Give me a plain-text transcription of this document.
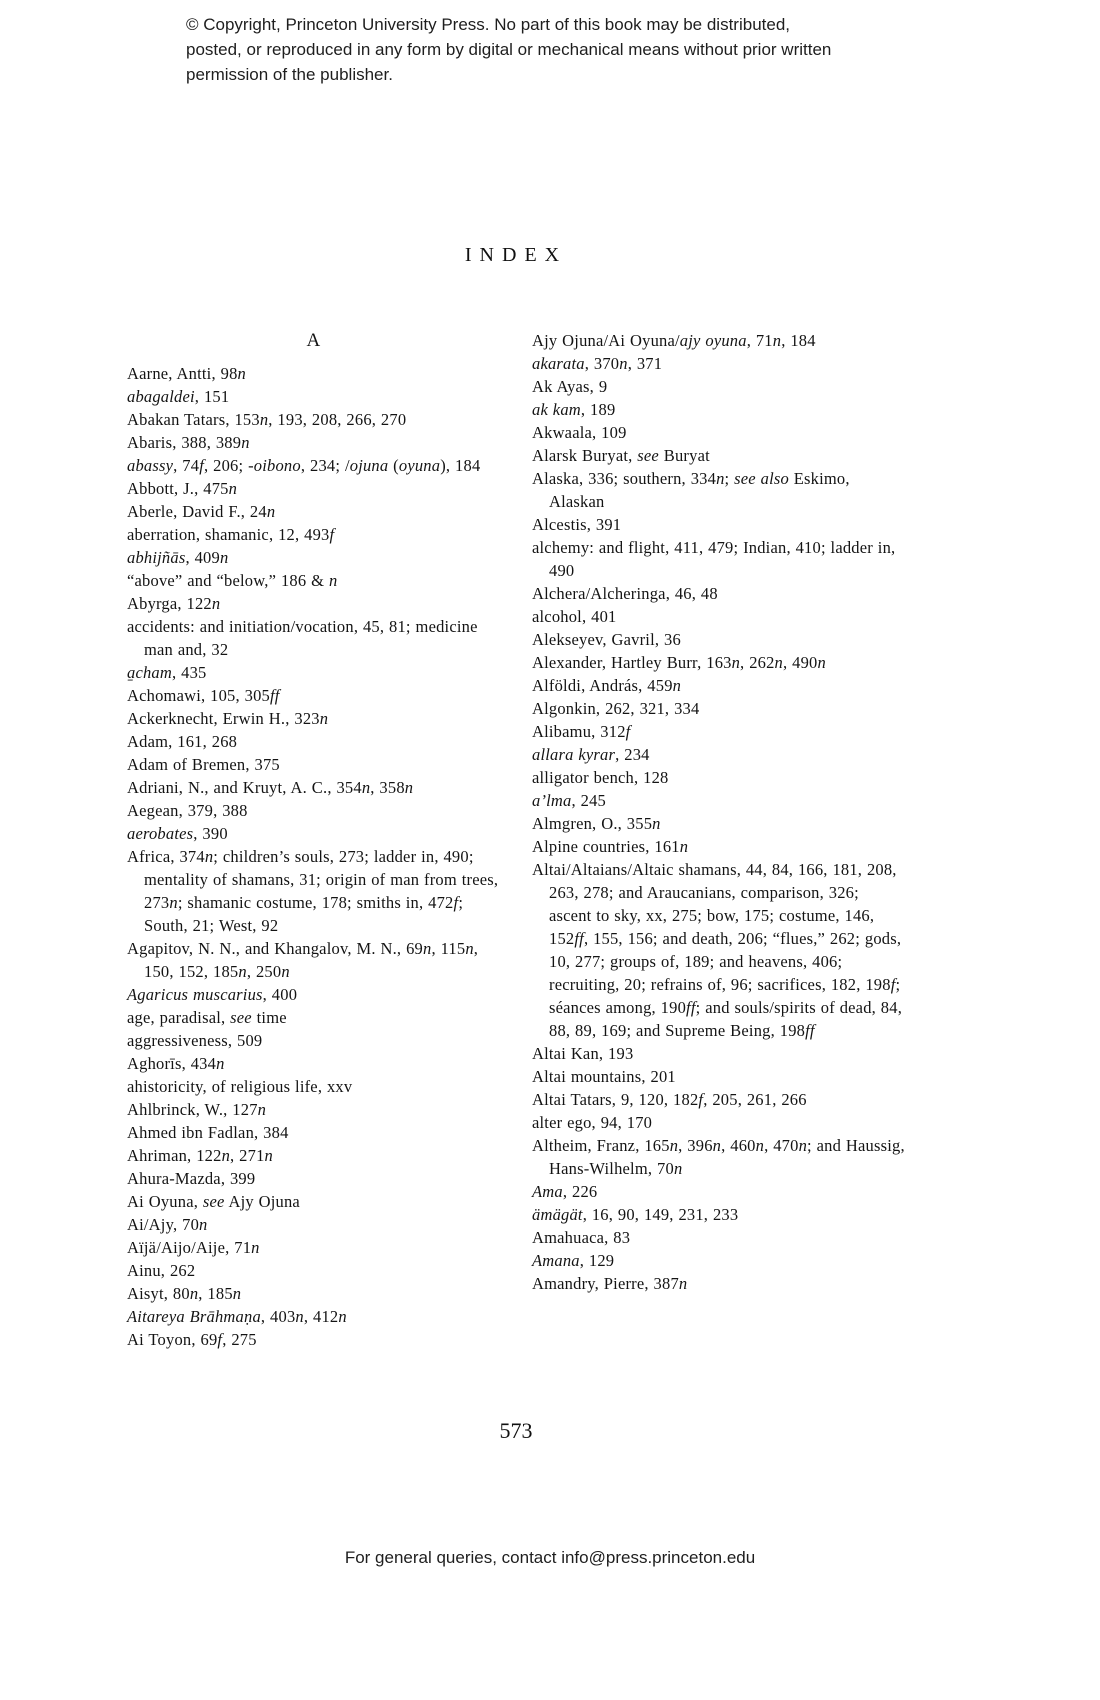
© Copyright, Princeton University Press. No part of this book may be distributed, posted, or reproduced in any form by digital or mechanical means without prior written permission of the publisher.
INDEX
A
Aarne, Antti, 98n
abagaldei, 151
Abakan Tatars, 153n, 193, 208, 266, 270
Abaris, 388, 389n
abassy, 74f, 206; -oibono, 234; /ojuna (oyuna), 184
Abbott, J., 475n
Aberle, David F., 24n
aberration, shamanic, 12, 493f
abhijñās, 409n
“above” and “below,” 186 & n
Abyrga, 122n
accidents: and initiation/vocation, 45, 81; medicine man and, 32
a̱cham, 435
Achomawi, 105, 305ff
Ackerknecht, Erwin H., 323n
Adam, 161, 268
Adam of Bremen, 375
Adriani, N., and Kruyt, A. C., 354n, 358n
Aegean, 379, 388
aerobates, 390
Africa, 374n; children’s souls, 273; ladder in, 490; mentality of shamans, 31; origin of man from trees, 273n; shamanic costume, 178; smiths in, 472f; South, 21; West, 92
Agapitov, N. N., and Khangalov, M. N., 69n, 115n, 150, 152, 185n, 250n
Agaricus muscarius, 400
age, paradisal, see time
aggressiveness, 509
Aghorīs, 434n
ahistoricity, of religious life, xxv
Ahlbrinck, W., 127n
Ahmed ibn Fadlan, 384
Ahriman, 122n, 271n
Ahura-Mazda, 399
Ai Oyuna, see Ajy Ojuna
Ai/Ajy, 70n
Aïjä/Aijo/Aije, 71n
Ainu, 262
Aisyt, 80n, 185n
Aitareya Brāhmaṇa, 403n, 412n
Ai Toyon, 69f, 275
Ajy Ojuna/Ai Oyuna/ajy oyuna, 71n, 184
akarata, 370n, 371
Ak Ayas, 9
ak kam, 189
Akwaala, 109
Alarsk Buryat, see Buryat
Alaska, 336; southern, 334n; see also Eskimo, Alaskan
Alcestis, 391
alchemy: and flight, 411, 479; Indian, 410; ladder in, 490
Alchera/Alcheringa, 46, 48
alcohol, 401
Alekseyev, Gavril, 36
Alexander, Hartley Burr, 163n, 262n, 490n
Alföldi, András, 459n
Algonkin, 262, 321, 334
Alibamu, 312f
allara kyrar, 234
alligator bench, 128
a’lma, 245
Almgren, O., 355n
Alpine countries, 161n
Altai/Altaians/Altaic shamans, 44, 84, 166, 181, 208, 263, 278; and Araucanians, comparison, 326; ascent to sky, xx, 275; bow, 175; costume, 146, 152ff, 155, 156; and death, 206; “flues,” 262; gods, 10, 277; groups of, 189; and heavens, 406; recruiting, 20; refrains of, 96; sacrifices, 182, 198f; séances among, 190ff; and souls/spirits of dead, 84, 88, 89, 169; and Supreme Being, 198ff
Altai Kan, 193
Altai mountains, 201
Altai Tatars, 9, 120, 182f, 205, 261, 266
alter ego, 94, 170
Altheim, Franz, 165n, 396n, 460n, 470n; and Haussig, Hans-Wilhelm, 70n
Ama, 226
ämägät, 16, 90, 149, 231, 233
Amahuaca, 83
Amana, 129
Amandry, Pierre, 387n
573
For general queries, contact info@press.princeton.edu
